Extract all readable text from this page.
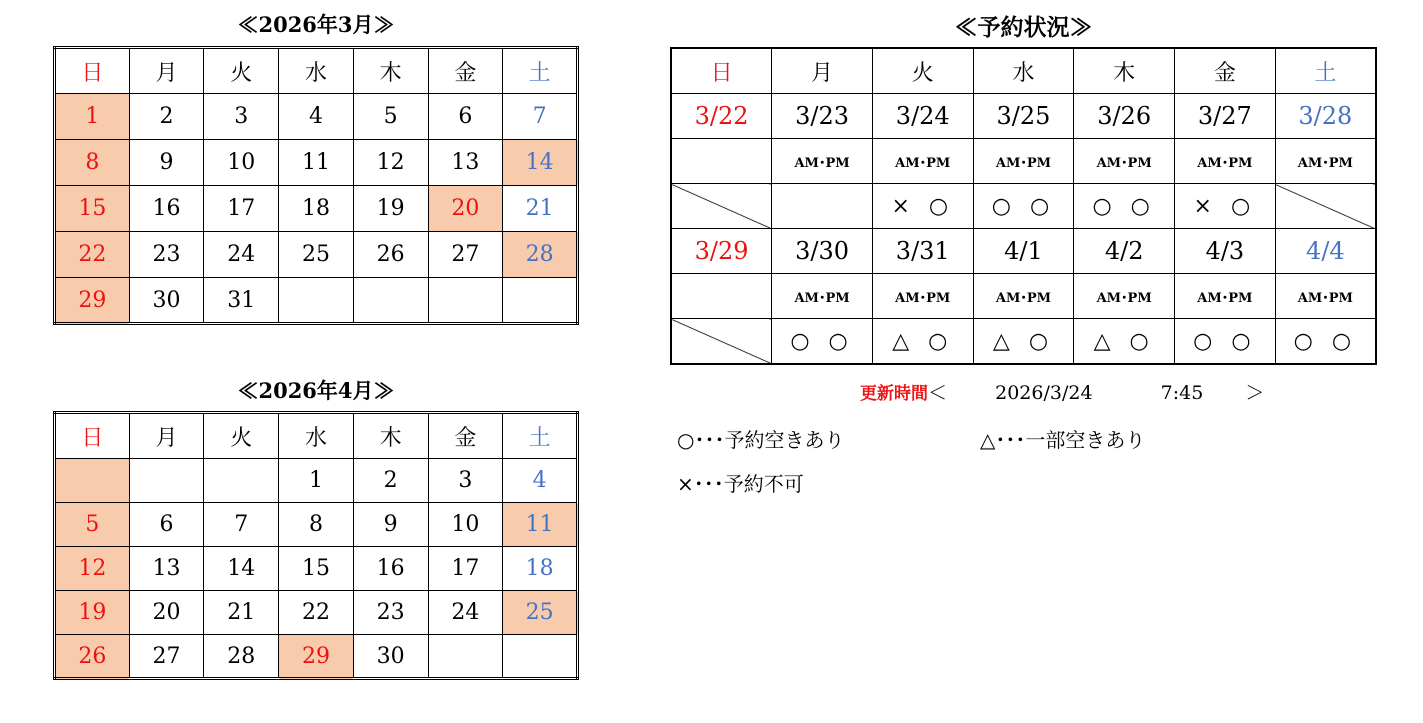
≪2026年3月≫
日	月	火	水	木	金	土
1	2	3	4	5	6	7
8	9	10	11	12	13	14
15	16	17	18	19	20	21
22	23	24	25	26	27	28
29	30	31				
≪2026年4月≫
日	月	火	水	木	金	土
			1	2	3	4
5	6	7	8	9	10	11
12	13	14	15	16	17	18
19	20	21	22	23	24	25
26	27	28	29	30		
≪予約状況≫
日	月	火	水	木	金	土
3/22	3/23	3/24	3/25	3/26	3/27	3/28
	AM･PM	AM･PM	AM･PM	AM･PM	AM･PM	AM･PM
		× ○	○ ○	○ ○	× ○	
3/29	3/30	3/31	4/1	4/2	4/3	4/4
	AM･PM	AM･PM	AM･PM	AM･PM	AM･PM	AM･PM
	○ ○	△ ○	△ ○	△ ○	○ ○	○ ○
更新時間＜	2026/3/24	7:45 ＞
○･･･予約空きあり	△･･･一部空きあり
×･･･予約不可
